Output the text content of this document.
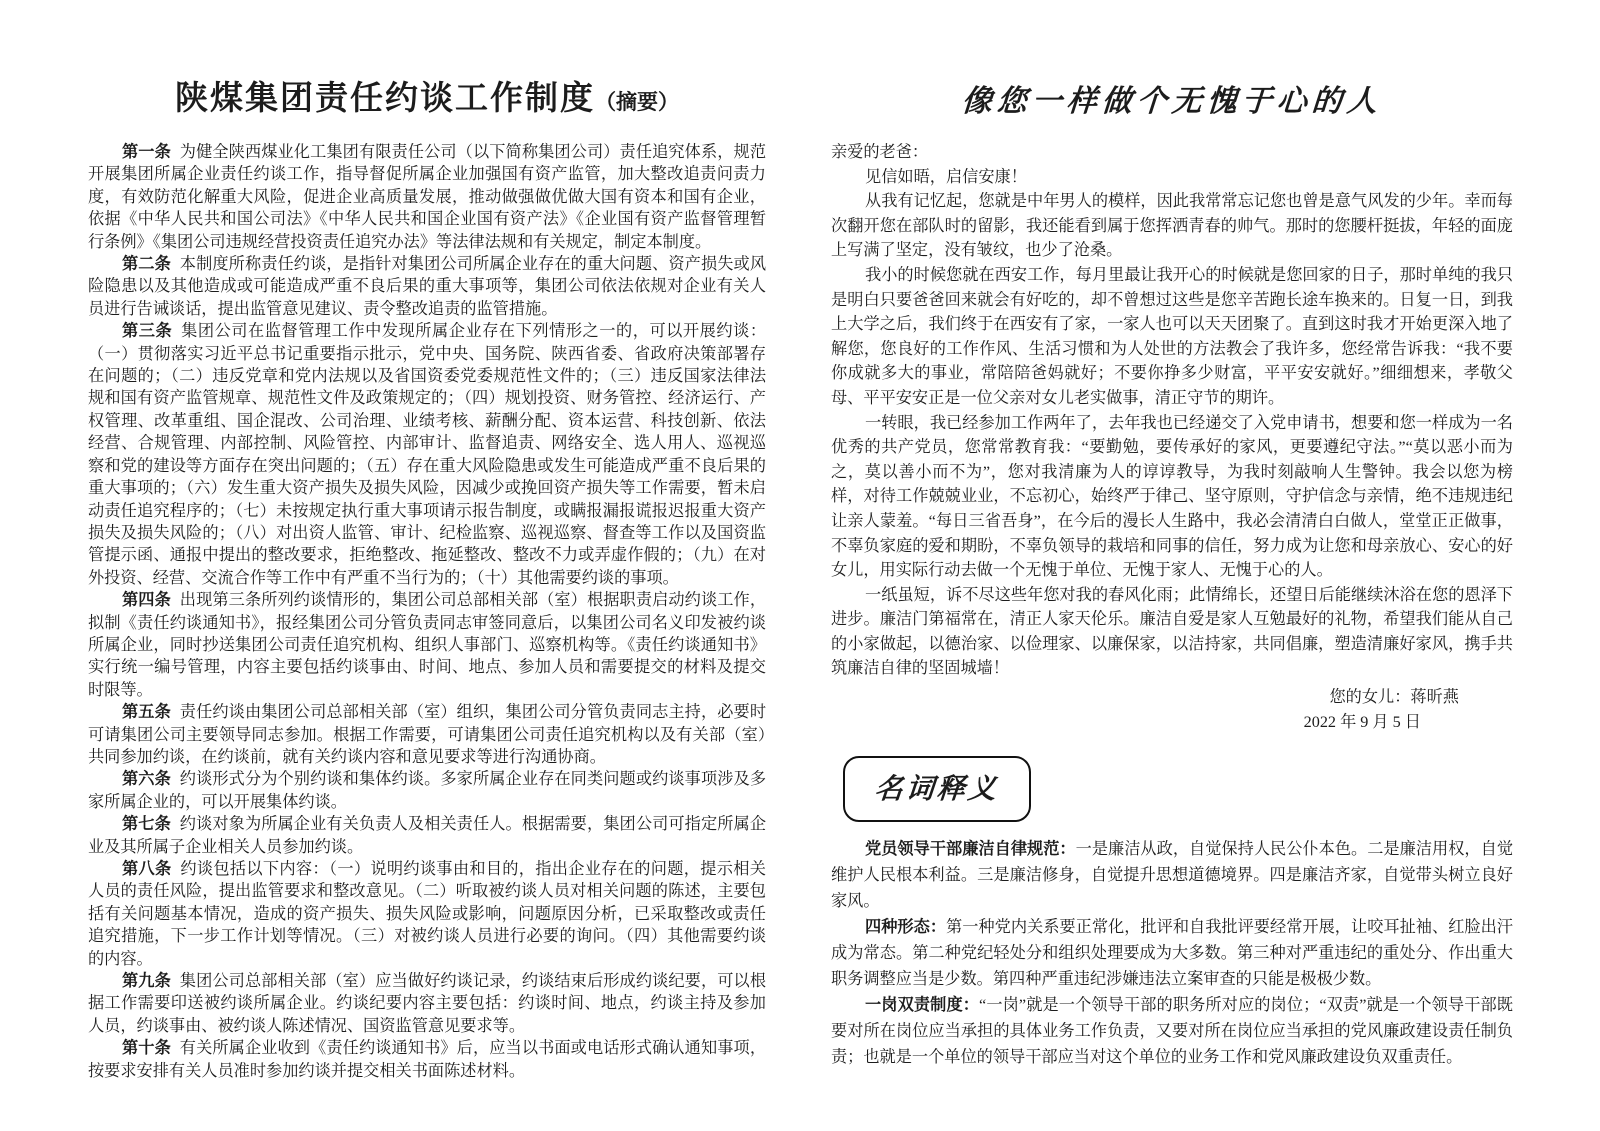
陕煤集团责任约谈工作制度（摘要）

第一条 为健全陕西煤业化工集团有限责任公司（以下简称集团公司）责任追究体系，规范开展集团所属企业责任约谈工作，指导督促所属企业加强国有资产监管，加大整改追责问责力度，有效防范化解重大风险，促进企业高质量发展，推动做强做优做大国有资本和国有企业，依据《中华人民共和国公司法》《中华人民共和国企业国有资产法》《企业国有资产监督管理暂行条例》《集团公司违规经营投资责任追究办法》等法律法规和有关规定，制定本制度。

第二条 本制度所称责任约谈，是指针对集团公司所属企业存在的重大问题、资产损失或风险隐患以及其他造成或可能造成严重不良后果的重大事项等，集团公司依法依规对企业有关人员进行告诫谈话，提出监管意见建议、责令整改追责的监管措施。

第三条 集团公司在监督管理工作中发现所属企业存在下列情形之一的，可以开展约谈：（一）贯彻落实习近平总书记重要指示批示，党中央、国务院、陕西省委、省政府决策部署存在问题的；（二）违反党章和党内法规以及省国资委党委规范性文件的；（三）违反国家法律法规和国有资产监管规章、规范性文件及政策规定的；（四）规划投资、财务管控、经济运行、产权管理、改革重组、国企混改、公司治理、业绩考核、薪酬分配、资本运营、科技创新、依法经营、合规管理、内部控制、风险管控、内部审计、监督追责、网络安全、选人用人、巡视巡察和党的建设等方面存在突出问题的；（五）存在重大风险隐患或发生可能造成严重不良后果的重大事项的；（六）发生重大资产损失及损失风险，因减少或挽回资产损失等工作需要，暂未启动责任追究程序的；（七）未按规定执行重大事项请示报告制度，或瞒报漏报谎报迟报重大资产损失及损失风险的；（八）对出资人监管、审计、纪检监察、巡视巡察、督查等工作以及国资监管提示函、通报中提出的整改要求，拒绝整改、拖延整改、整改不力或弄虚作假的；（九）在对外投资、经营、交流合作等工作中有严重不当行为的；（十）其他需要约谈的事项。

第四条 出现第三条所列约谈情形的，集团公司总部相关部（室）根据职责启动约谈工作，拟制《责任约谈通知书》，报经集团公司分管负责同志审签同意后，以集团公司名义印发被约谈所属企业，同时抄送集团公司责任追究机构、组织人事部门、巡察机构等。《责任约谈通知书》实行统一编号管理，内容主要包括约谈事由、时间、地点、参加人员和需要提交的材料及提交时限等。

第五条 责任约谈由集团公司总部相关部（室）组织，集团公司分管负责同志主持，必要时可请集团公司主要领导同志参加。根据工作需要，可请集团公司责任追究机构以及有关部（室）共同参加约谈，在约谈前，就有关约谈内容和意见要求等进行沟通协商。

第六条 约谈形式分为个别约谈和集体约谈。多家所属企业存在同类问题或约谈事项涉及多家所属企业的，可以开展集体约谈。

第七条 约谈对象为所属企业有关负责人及相关责任人。根据需要，集团公司可指定所属企业及其所属子企业相关人员参加约谈。

第八条 约谈包括以下内容：（一）说明约谈事由和目的，指出企业存在的问题，提示相关人员的责任风险，提出监管要求和整改意见。（二）听取被约谈人员对相关问题的陈述，主要包括有关问题基本情况，造成的资产损失、损失风险或影响，问题原因分析，已采取整改或责任追究措施，下一步工作计划等情况。（三）对被约谈人员进行必要的询问。（四）其他需要约谈的内容。

第九条 集团公司总部相关部（室）应当做好约谈记录，约谈结束后形成约谈纪要，可以根据工作需要印送被约谈所属企业。约谈纪要内容主要包括：约谈时间、地点，约谈主持及参加人员，约谈事由、被约谈人陈述情况、国资监管意见要求等。

第十条 有关所属企业收到《责任约谈通知书》后，应当以书面或电话形式确认通知事项，按要求安排有关人员准时参加约谈并提交相关书面陈述材料。

像您一样做个无愧于心的人

亲爱的老爸：

见信如晤，启信安康！

从我有记忆起，您就是中年男人的模样，因此我常常忘记您也曾是意气风发的少年。幸而每次翻开您在部队时的留影，我还能看到属于您挥洒青春的帅气。那时的您腰杆挺拔，年轻的面庞上写满了坚定，没有皱纹，也少了沧桑。

我小的时候您就在西安工作，每月里最让我开心的时候就是您回家的日子，那时单纯的我只是明白只要爸爸回来就会有好吃的，却不曾想过这些是您辛苦跑长途车换来的。日复一日，到我上大学之后，我们终于在西安有了家，一家人也可以天天团聚了。直到这时我才开始更深入地了解您，您良好的工作作风、生活习惯和为人处世的方法教会了我许多，您经常告诉我：“我不要你成就多大的事业，常陪陪爸妈就好；不要你挣多少财富，平平安安就好。”细细想来，孝敬父母、平平安安正是一位父亲对女儿老实做事，清正守节的期许。

一转眼，我已经参加工作两年了，去年我也已经递交了入党申请书，想要和您一样成为一名优秀的共产党员，您常常教育我：“要勤勉，要传承好的家风，更要遵纪守法。”“莫以恶小而为之，莫以善小而不为”，您对我清廉为人的谆谆教导，为我时刻敲响人生警钟。我会以您为榜样，对待工作兢兢业业，不忘初心，始终严于律己、坚守原则，守护信念与亲情，绝不违规违纪让亲人蒙羞。“每日三省吾身”，在今后的漫长人生路中，我必会清清白白做人，堂堂正正做事，不辜负家庭的爱和期盼，不辜负领导的栽培和同事的信任，努力成为让您和母亲放心、安心的好女儿，用实际行动去做一个无愧于单位、无愧于家人、无愧于心的人。

一纸虽短，诉不尽这些年您对我的春风化雨；此情绵长，还望日后能继续沐浴在您的恩泽下进步。廉洁门第福常在，清正人家天伦乐。廉洁自爱是家人互勉最好的礼物，希望我们能从自己的小家做起，以德治家、以俭理家、以廉保家，以洁持家，共同倡廉，塑造清廉好家风，携手共筑廉洁自律的坚固城墙！

您的女儿：蒋昕燕

2022 年 9 月 5 日

名词释义

党员领导干部廉洁自律规范：一是廉洁从政，自觉保持人民公仆本色。二是廉洁用权，自觉维护人民根本利益。三是廉洁修身，自觉提升思想道德境界。四是廉洁齐家，自觉带头树立良好家风。

四种形态：第一种党内关系要正常化，批评和自我批评要经常开展，让咬耳扯袖、红脸出汗成为常态。第二种党纪轻处分和组织处理要成为大多数。第三种对严重违纪的重处分、作出重大职务调整应当是少数。第四种严重违纪涉嫌违法立案审查的只能是极极少数。

一岗双责制度：“一岗”就是一个领导干部的职务所对应的岗位；“双责”就是一个领导干部既要对所在岗位应当承担的具体业务工作负责，又要对所在岗位应当承担的党风廉政建设责任制负责；也就是一个单位的领导干部应当对这个单位的业务工作和党风廉政建设负双重责任。
